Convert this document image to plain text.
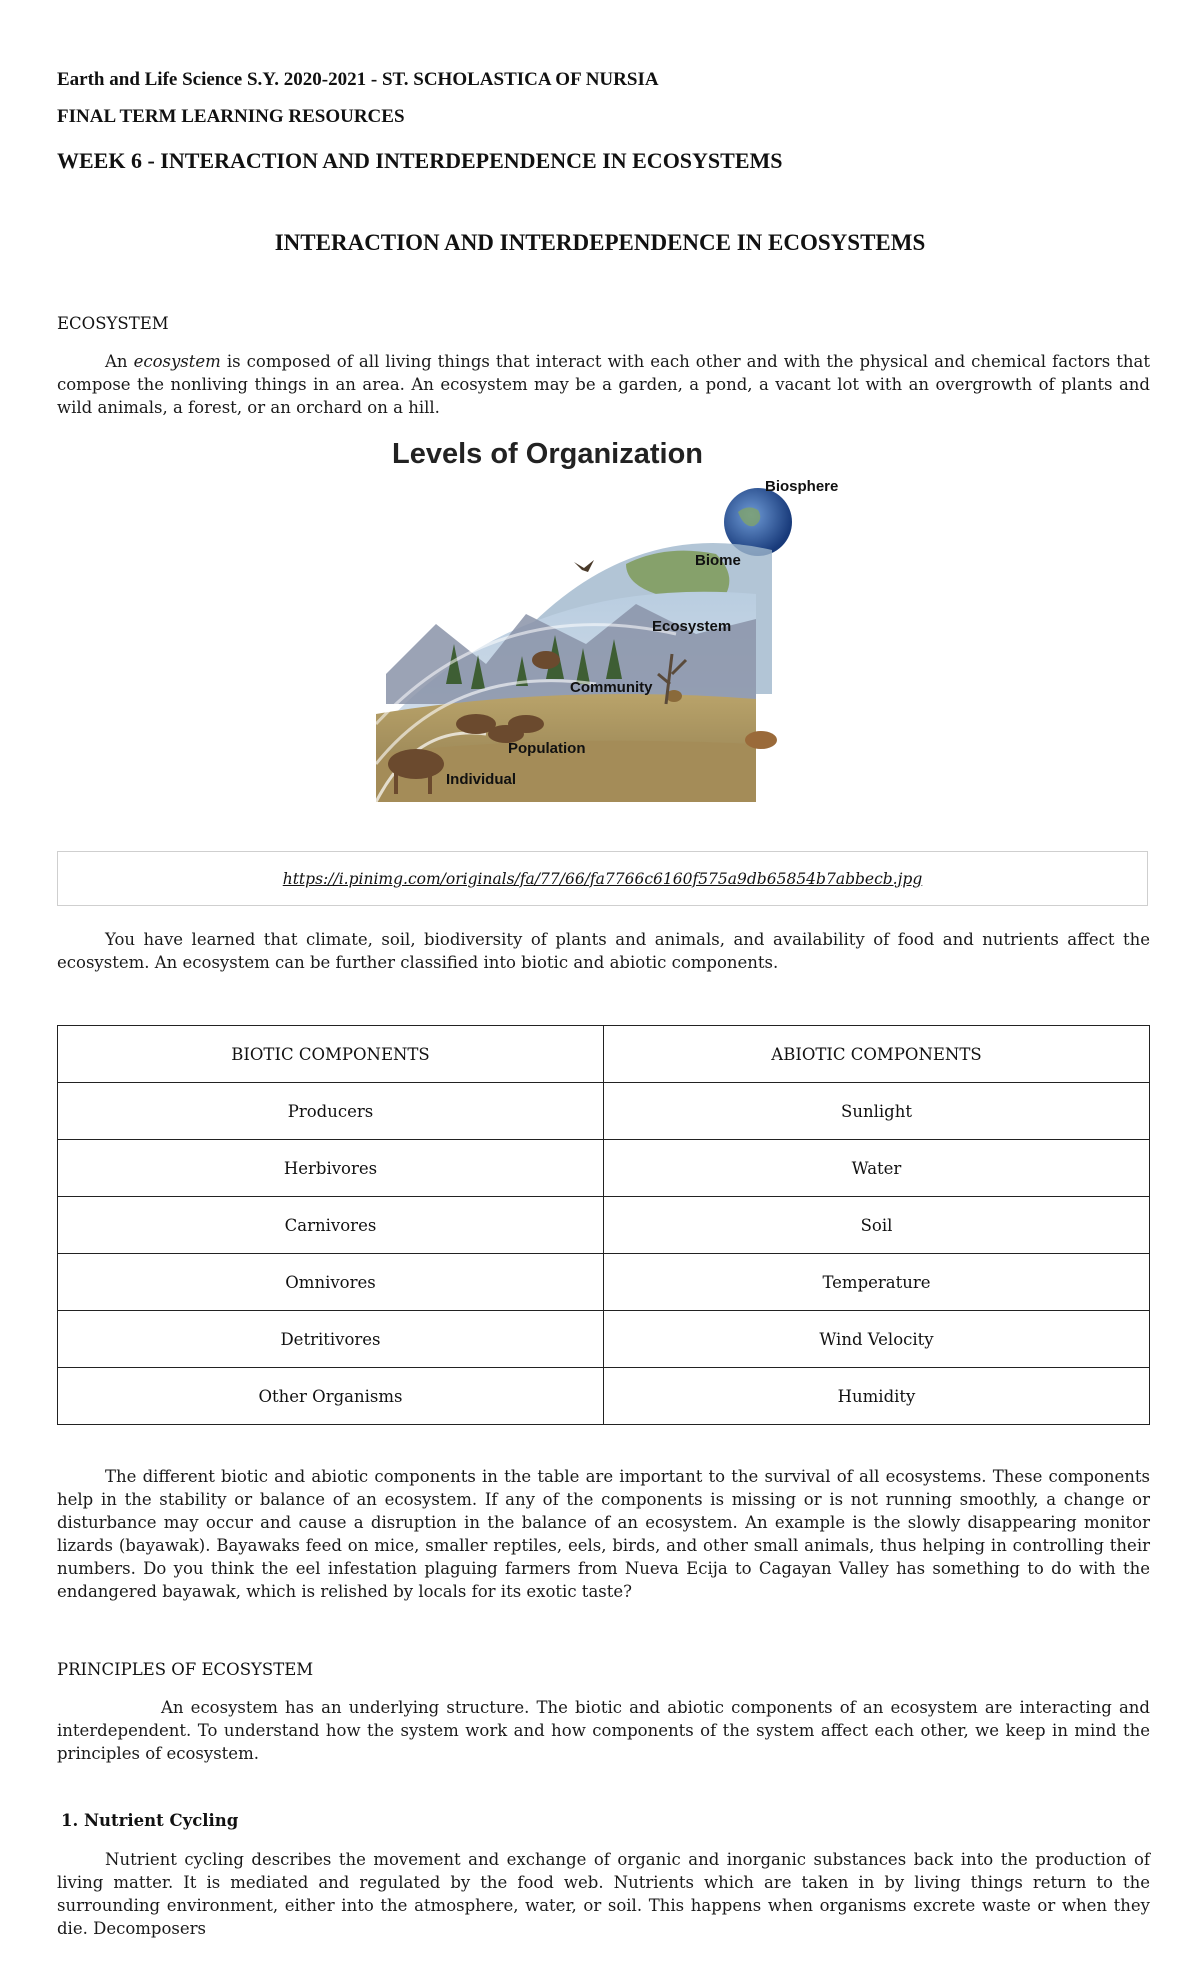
Earth and Life Science S.Y. 2020-2021 - ST. SCHOLASTICA OF NURSIA
FINAL TERM LEARNING RESOURCES
WEEK 6 - INTERACTION AND INTERDEPENDENCE IN ECOSYSTEMS
INTERACTION AND INTERDEPENDENCE IN ECOSYSTEMS
ECOSYSTEM
An ecosystem is composed of all living things that interact with each other and with the physical and chemical factors that compose the nonliving things in an area. An ecosystem may be a garden, a pond, a vacant lot with an overgrowth of plants and wild animals, a forest, or an orchard on a hill.
Levels of Organization
Biosphere
Biome
Ecosystem
Community
Population
Individual
https://i.pinimg.com/originals/fa/77/66/fa7766c6160f575a9db65854b7abbecb.jpg
You have learned that climate, soil, biodiversity of plants and animals, and availability of food and nutrients affect the ecosystem. An ecosystem can be further classified into biotic and abiotic components.
BIOTIC COMPONENTS	ABIOTIC COMPONENTS
Producers	Sunlight
Herbivores	Water
Carnivores	Soil
Omnivores	Temperature
Detritivores	Wind Velocity
Other Organisms	Humidity
The different biotic and abiotic components in the table are important to the survival of all ecosystems. These components help in the stability or balance of an ecosystem. If any of the components is missing or is not running smoothly, a change or disturbance may occur and cause a disruption in the balance of an ecosystem. An example is the slowly disappearing monitor lizards (bayawak). Bayawaks feed on mice, smaller reptiles, eels, birds, and other small animals, thus helping in controlling their numbers. Do you think the eel infestation plaguing farmers from Nueva Ecija to Cagayan Valley has something to do with the endangered bayawak, which is relished by locals for its exotic taste?
PRINCIPLES OF ECOSYSTEM
An ecosystem has an underlying structure. The biotic and abiotic components of an ecosystem are interacting and interdependent. To understand how the system work and how components of the system affect each other, we keep in mind the principles of ecosystem.
1. Nutrient Cycling
Nutrient cycling describes the movement and exchange of organic and inorganic substances back into the production of living matter. It is mediated and regulated by the food web. Nutrients which are taken in by living things return to the surrounding environment, either into the atmosphere, water, or soil. This happens when organisms excrete waste or when they die. Decomposers
